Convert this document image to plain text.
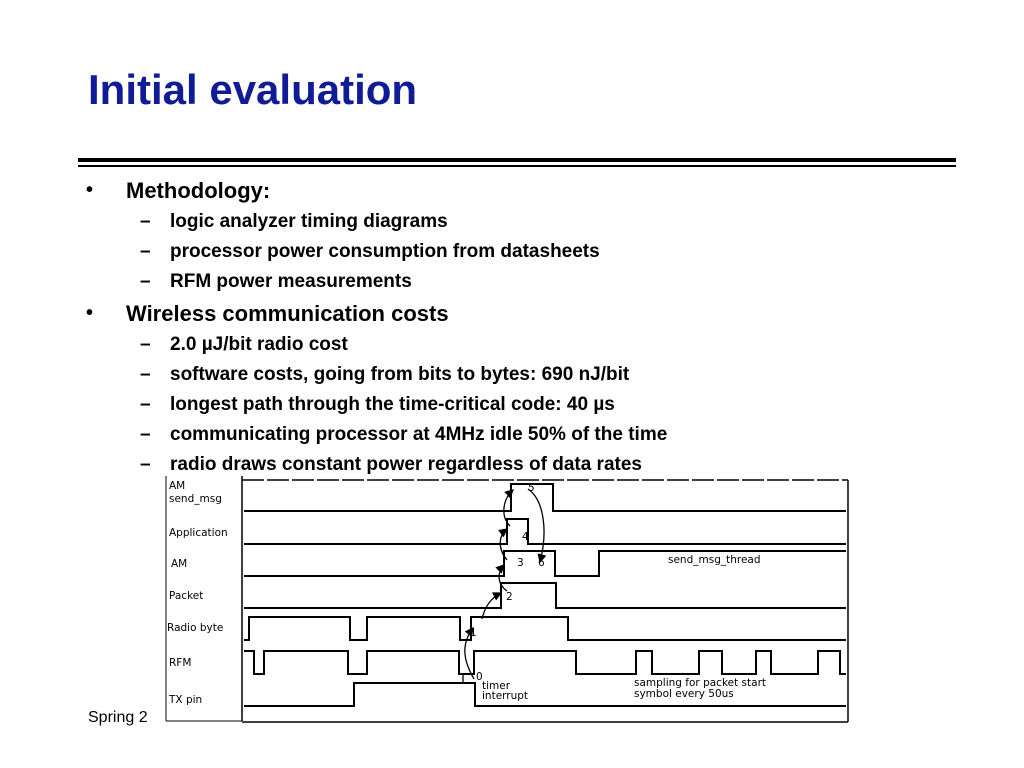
Initial evaluation
• Methodology:
– logic analyzer timing diagrams
– processor power consumption from datasheets
– RFM power measurements
• Wireless communication costs
– 2.0 µJ/bit radio cost
– software costs, going from bits to bytes: 690 nJ/bit
– longest path through the time-critical code: 40 µs
– communicating processor at 4MHz idle 50% of the time
– radio draws constant power regardless of data rates
Spring 2
AM
send_msg
Application
AM
Packet
Radio byte
RFM
TX pin
0
1
2
3
4
5
6	send_msg_thread
timer
interrupt
sampling for packet start
symbol every 50us
